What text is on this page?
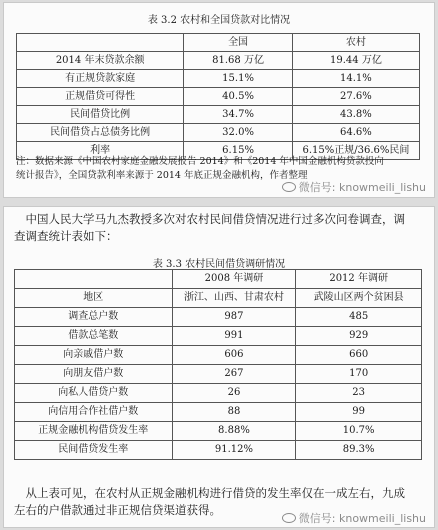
表 3.2 农村和全国贷款对比情况
	全国	农村
2014 年末贷款余额	81.68 万亿	19.44 万亿
有正规贷款家庭	15.1%	14.1%
正规借贷可得性	40.5%	27.6%
民间借贷比例	34.7%	43.8%
民间借贷占总债务比例	32.0%	64.6%
利率	6.15%	6.15%正规/36.6%民间
注：数据来源《中国农村家庭金融发展报告 2014》和《2014 年中国金融机构贷款投向
统计报告》，全国贷款利率来源于 2014 年底正规金融机构，作者整理
微信号: knowmeili_lishu
中国人民大学马九杰教授多次对农村民间借贷情况进行过多次问卷调查，调
查调查统计表如下：
表 3.3 农村民间借贷调研情况
	2008 年调研	2012 年调研
地区	浙江、山西、甘肃农村	武陵山区两个贫困县
调查总户数	987	485
借款总笔数	991	929
向亲戚借户数	606	660
向朋友借户数	267	170
向私人借贷户数	26	23
向信用合作社借户数	88	99
正规金融机构借贷发生率	8.88%	10.7%
民间借贷发生率	91.12%	89.3%
从上表可见，在农村从正规金融机构进行借贷的发生率仅在一成左右，九成
左右的户借款通过非正规信贷渠道获得。
微信号: knowmeili_lishu
